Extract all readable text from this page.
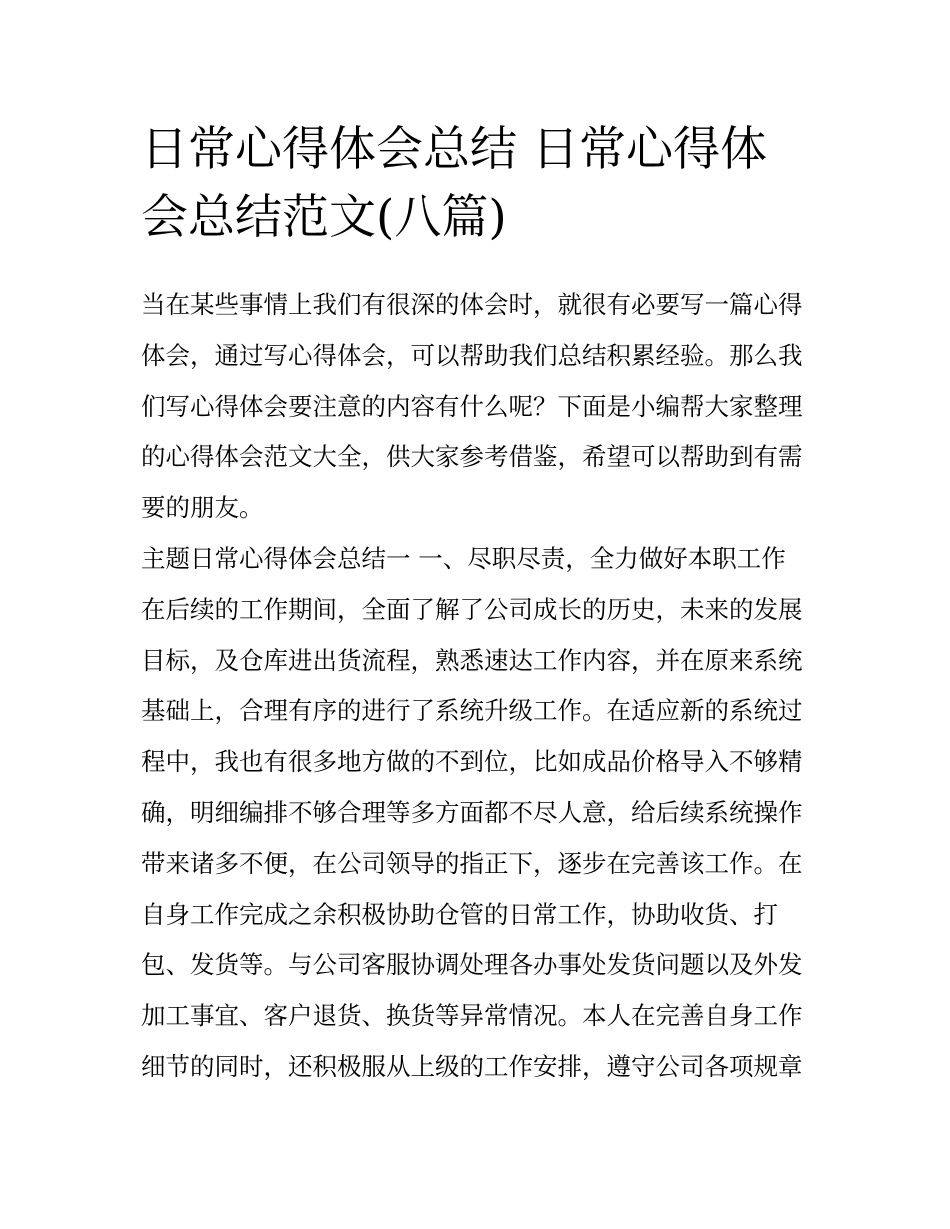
日常心得体会总结 日常心得体
会总结范文(八篇)
当在某些事情上我们有很深的体会时，就很有必要写一篇心得
体会，通过写心得体会，可以帮助我们总结积累经验。那么我
们写心得体会要注意的内容有什么呢？下面是小编帮大家整理
的心得体会范文大全，供大家参考借鉴，希望可以帮助到有需
要的朋友。
主题日常心得体会总结一 一、尽职尽责，全力做好本职工作
在后续的工作期间，全面了解了公司成长的历史，未来的发展
目标，及仓库进出货流程，熟悉速达工作内容，并在原来系统
基础上，合理有序的进行了系统升级工作。在适应新的系统过
程中，我也有很多地方做的不到位，比如成品价格导入不够精
确，明细编排不够合理等多方面都不尽人意，给后续系统操作
带来诸多不便，在公司领导的指正下，逐步在完善该工作。在
自身工作完成之余积极协助仓管的日常工作，协助收货、打
包、发货等。与公司客服协调处理各办事处发货问题以及外发
加工事宜、客户退货、换货等异常情况。本人在完善自身工作
细节的同时，还积极服从上级的工作安排，遵守公司各项规章
